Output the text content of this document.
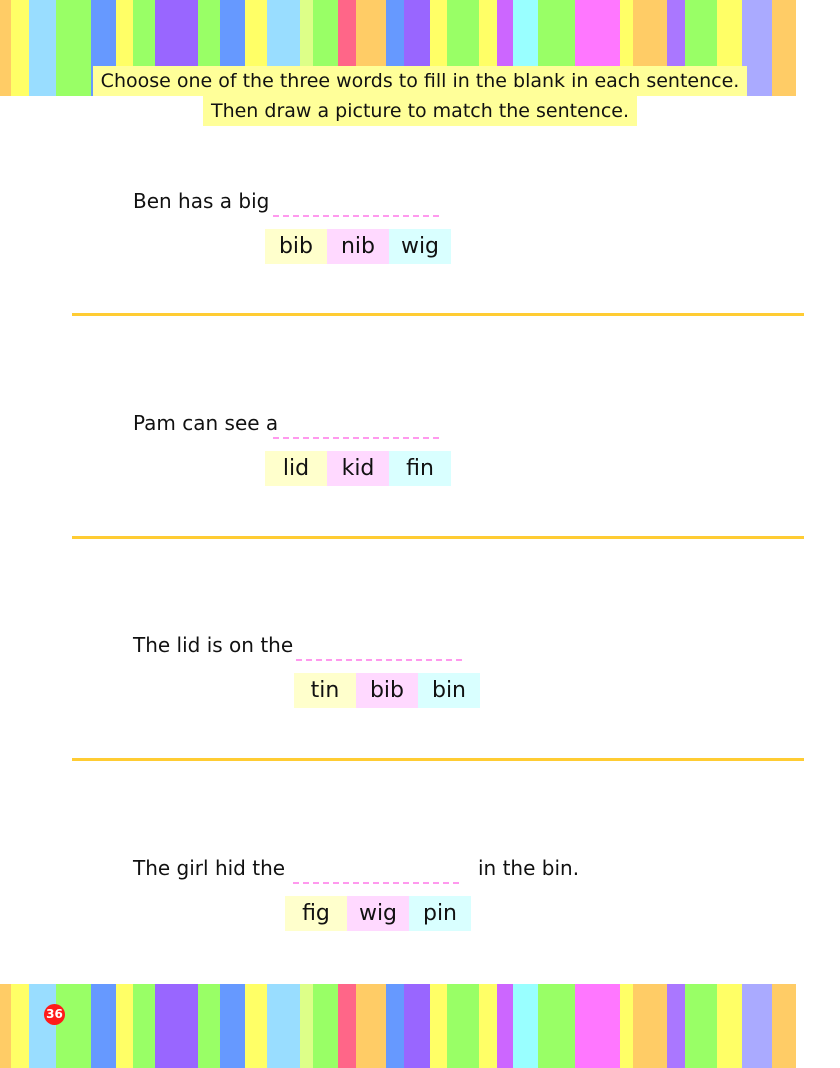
Choose one of the three words to fill in the blank in each sentence.
Then draw a picture to match the sentence.
Ben has a big
bib	nib	wig
Pam can see a
lid	kid	fin
The lid is on the
tin	bib	bin
The girl hid the	in the bin.
fig	wig	pin
36
